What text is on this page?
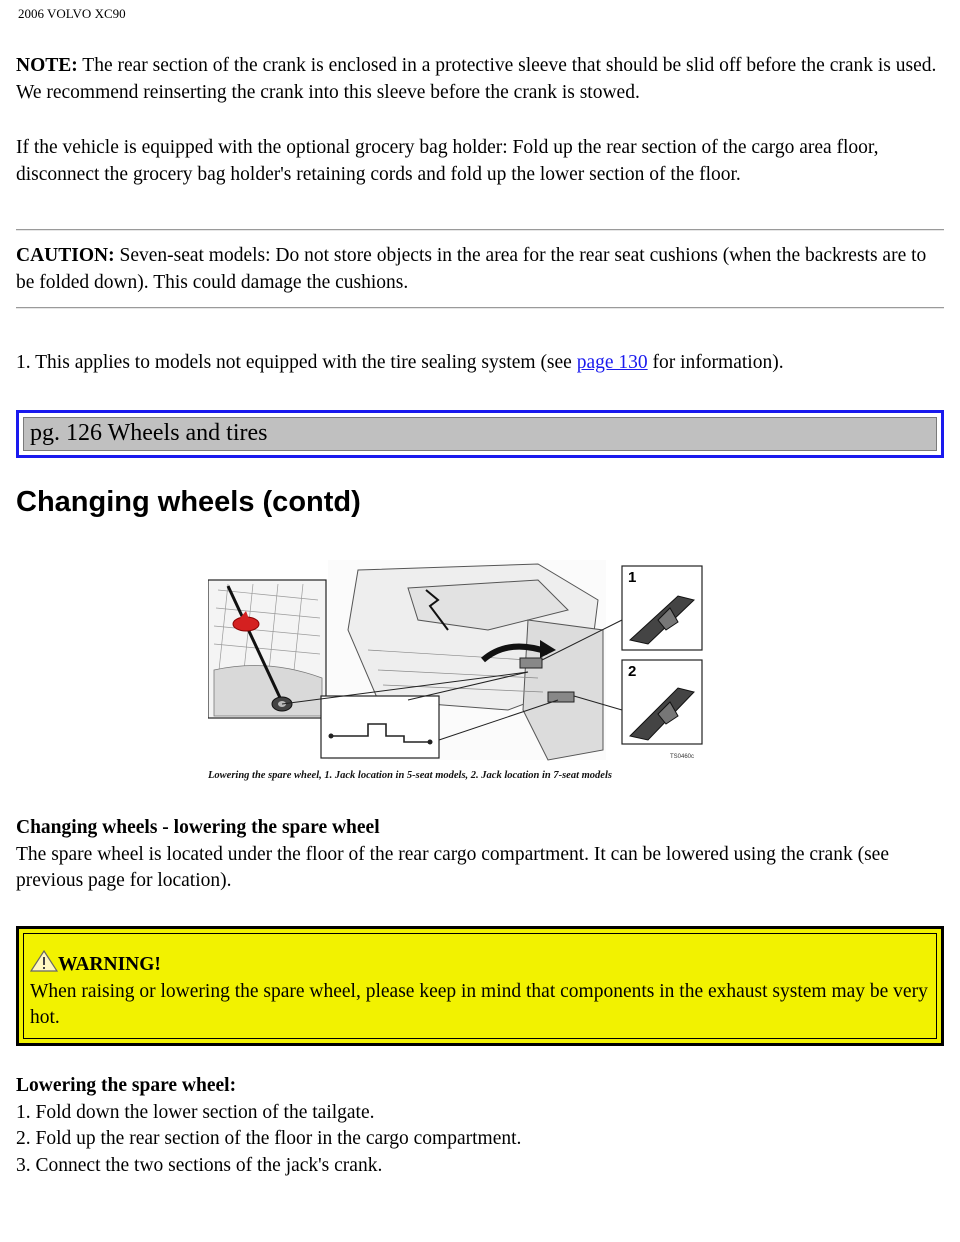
2006 VOLVO XC90
NOTE: The rear section of the crank is enclosed in a protective sleeve that should be slid off before the crank is used. We recommend reinserting the crank into this sleeve before the crank is stowed.
If the vehicle is equipped with the optional grocery bag holder: Fold up the rear section of the cargo area floor, disconnect the grocery bag holder's retaining cords and fold up the lower section of the floor.
CAUTION: Seven-seat models: Do not store objects in the area for the rear seat cushions (when the backrests are to be folded down). This could damage the cushions.
1. This applies to models not equipped with the tire sealing system (see page 130 for information).
pg. 126 Wheels and tires
Changing wheels (contd)
1
2
TS0460c
Lowering the spare wheel, 1. Jack location in 5-seat models, 2. Jack location in 7-seat models
Changing wheels - lowering the spare wheel
The spare wheel is located under the floor of the rear cargo compartment. It can be lowered using the crank (see previous page for location).
WARNING!
When raising or lowering the spare wheel, please keep in mind that components in the exhaust system may be very hot.
Lowering the spare wheel:
1. Fold down the lower section of the tailgate.
2. Fold up the rear section of the floor in the cargo compartment.
3. Connect the two sections of the jack's crank.
